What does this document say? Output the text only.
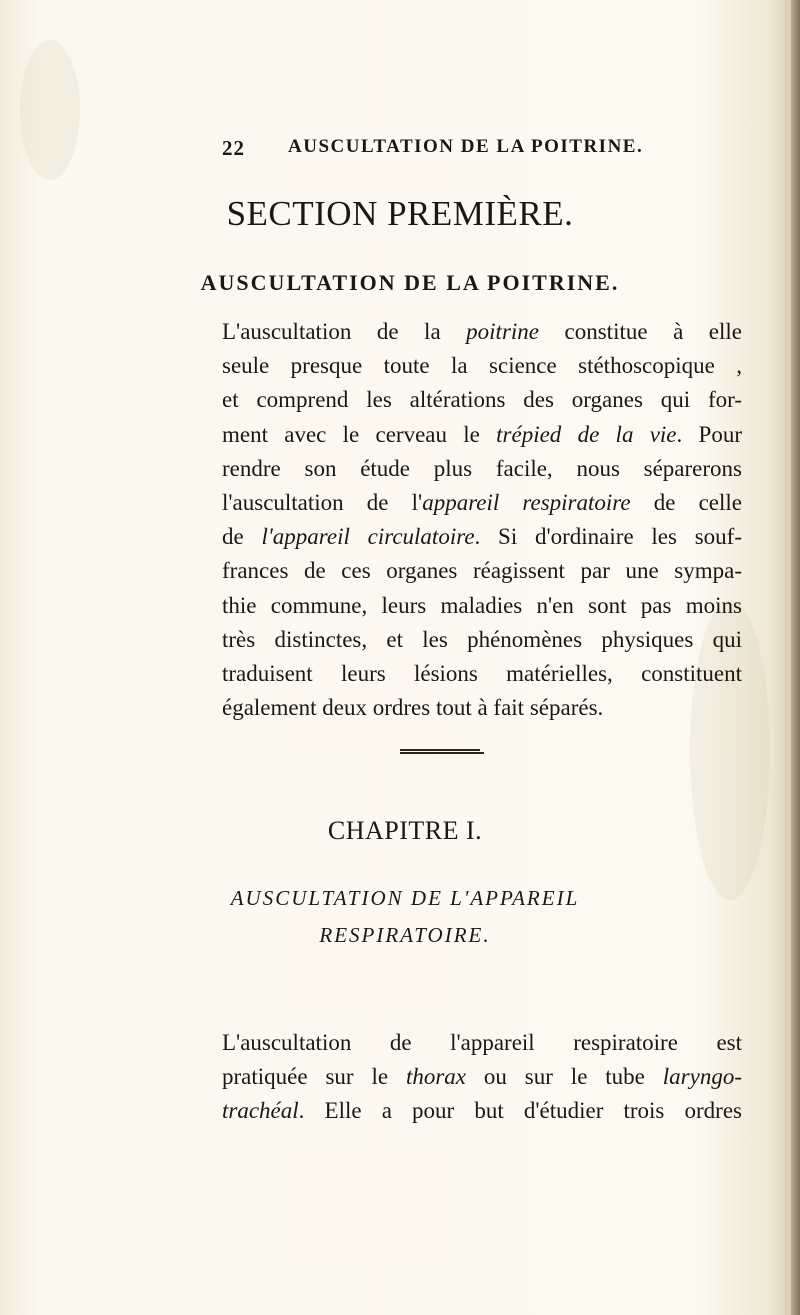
22 AUSCULTATION DE LA POITRINE.
SECTION PREMIÈRE.
AUSCULTATION DE LA POITRINE.
L'auscultation de la poitrine constitue à elle
seule presque toute la science stéthoscopique ,
et comprend les altérations des organes qui for-
ment avec le cerveau le trépied de la vie. Pour
rendre son étude plus facile, nous séparerons
l'auscultation de l'appareil respiratoire de celle
de l'appareil circulatoire. Si d'ordinaire les souf-
frances de ces organes réagissent par une sympa-
thie commune, leurs maladies n'en sont pas moins
très distinctes, et les phénomènes physiques qui
traduisent leurs lésions matérielles, constituent
également deux ordres tout à fait séparés.
CHAPITRE I.
AUSCULTATION DE L'APPAREIL
RESPIRATOIRE.
L'auscultation de l'appareil respiratoire est
pratiquée sur le thorax ou sur le tube laryngo-
trachéal. Elle a pour but d'étudier trois ordres
